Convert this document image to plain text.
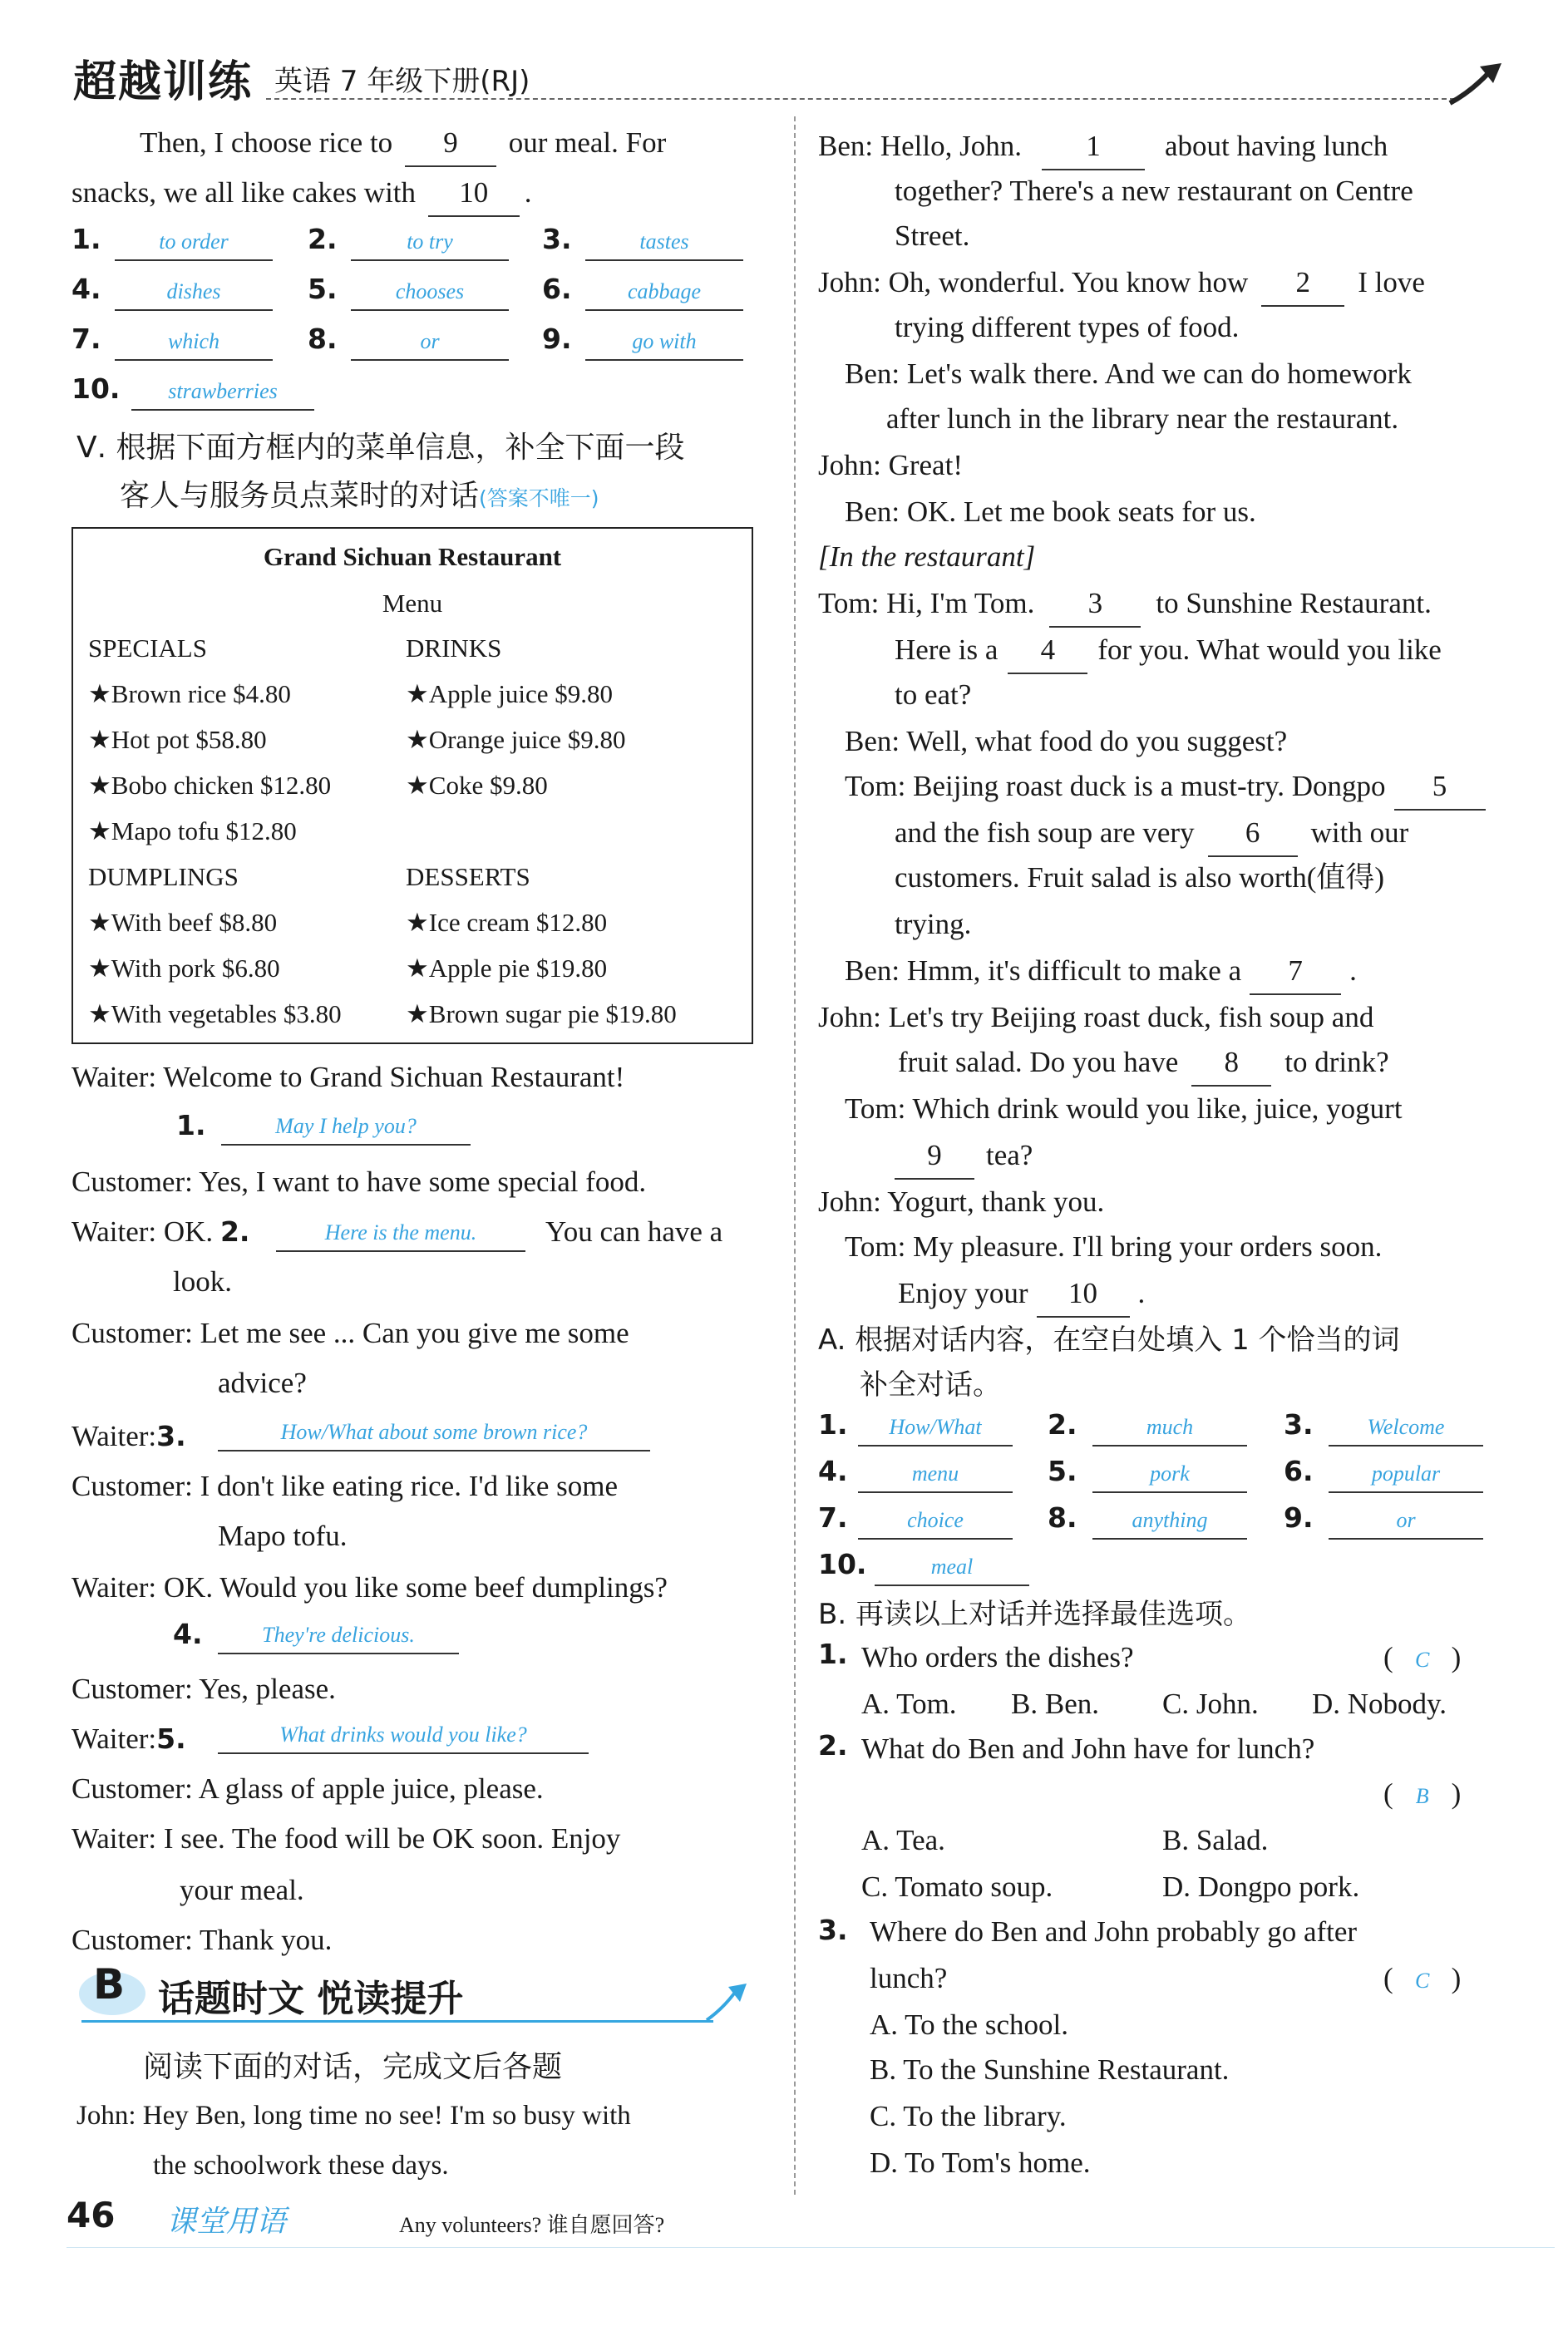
超越训练 英语 7 年级下册(RJ)
Then, I choose rice to 9 our meal. For
snacks, we all like cakes with 10 .
1.	to order	2.	to try	3.	tastes
4.	dishes	5.	chooses	6.	cabbage
7.	which	8.	or	9.	go with
10.	strawberries
Ⅴ. 根据下面方框内的菜单信息，补全下面一段
客人与服务员点菜时的对话(答案不唯一)
Grand Sichuan Restaurant
Menu
SPECIALS
★Brown rice $4.80
★Hot pot $58.80
★Bobo chicken $12.80
★Mapo tofu $12.80
DUMPLINGS
★With beef $8.80
★With pork $6.80
★With vegetables $3.80
DRINKS
★Apple juice $9.80
★Orange juice $9.80
★Coke $9.80
DESSERTS
★Ice cream $12.80
★Apple pie $19.80
★Brown sugar pie $19.80
Waiter: Welcome to Grand Sichuan Restaurant!
1.	May I help you?
Customer: Yes, I want to have some special food.
Waiter: OK. 2.	Here is the menu.	You can have a
look.
Customer: Let me see ... Can you give me some
advice?
Waiter:3.	How/What about some brown rice?
Customer: I don't like eating rice. I'd like some
Mapo tofu.
Waiter: OK. Would you like some beef dumplings?
4.	They're delicious.
Customer: Yes, please.
Waiter:5.	What drinks would you like?
Customer: A glass of apple juice, please.
Waiter: I see. The food will be OK soon. Enjoy
your meal.
Customer: Thank you.
B 话题时文 悦读提升
阅读下面的对话，完成文后各题
John: Hey Ben, long time no see! I'm so busy with
the schoolwork these days.
Ben: Hello, John. 1 about having lunch
together? There's a new restaurant on Centre
Street.
John: Oh, wonderful. You know how 2 I love
trying different types of food.
Ben: Let's walk there. And we can do homework
after lunch in the library near the restaurant.
John: Great!
Ben: OK. Let me book seats for us.
[In the restaurant]
Tom: Hi, I'm Tom. 3 to Sunshine Restaurant.
Here is a 4 for you. What would you like
to eat?
Ben: Well, what food do you suggest?
Tom: Beijing roast duck is a must-try. Dongpo 5
and the fish soup are very 6 with our
customers. Fruit salad is also worth(值得)
trying.
Ben: Hmm, it's difficult to make a 7 .
John: Let's try Beijing roast duck, fish soup and
fruit salad. Do you have 8 to drink?
Tom: Which drink would you like, juice, yogurt
9 tea?
John: Yogurt, thank you.
Tom: My pleasure. I'll bring your orders soon.
Enjoy your 10 .
A. 根据对话内容，在空白处填入 1 个恰当的词
补全对话。
1.	How/What	2.	much	3.	Welcome
4.	menu	5.	pork	6.	popular
7.	choice	8.	anything	9.	or
10.	meal
B. 再读以上对话并选择最佳选项。
1. Who orders the dishes?	( C )
A. Tom. B. Ben. C. John. D. Nobody.
2. What do Ben and John have for lunch?
( B )
A. Tea.	B. Salad.
C. Tomato soup.	D. Dongpo pork.
3. Where do Ben and John probably go after
lunch?	( C )
A. To the school.
B. To the Sunshine Restaurant.
C. To the library.
D. To Tom's home.
46 课堂用语	Any volunteers? 谁自愿回答?
